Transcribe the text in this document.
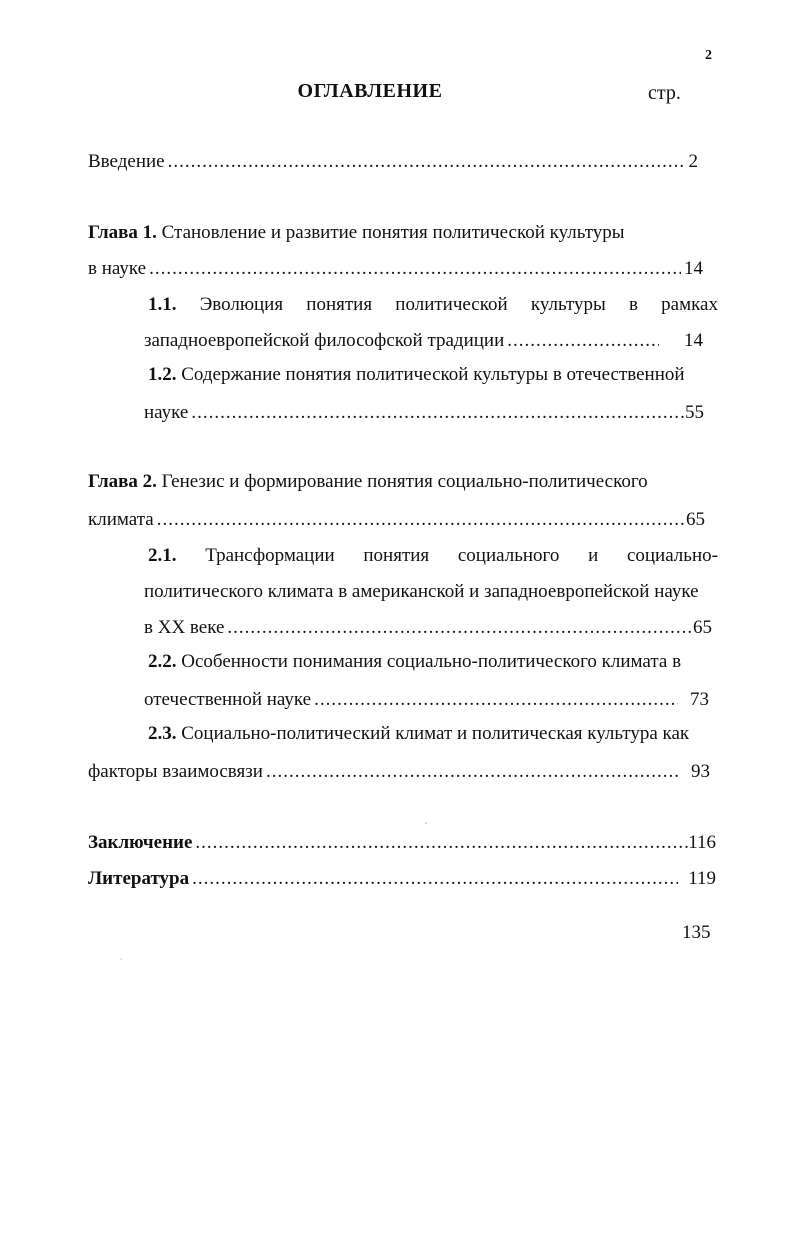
2
ОГЛАВЛЕНИЕ	стр.
Введение .....	2
Глава 1. Становление и развитие понятия политической культуры
в науке .....	14
1.1. Эволюция понятия политической культуры в рамках
западноевропейской философской традиции .....	14
1.2. Содержание понятия политической культуры в отечественной
науке .....	55
Глава 2. Генезис и формирование понятия социально-политического
климата .....	65
2.1. Трансформации понятия социального и социально-
политического климата в американской и западноевропейской науке
в XX веке .....	65
2.2. Особенности понимания социально-политического климата в
отечественной науке .....	73
2.3. Социально-политический климат и политическая культура как
факторы взаимосвязи .....	93
Заключение .....	116
Литература .....	119
135
